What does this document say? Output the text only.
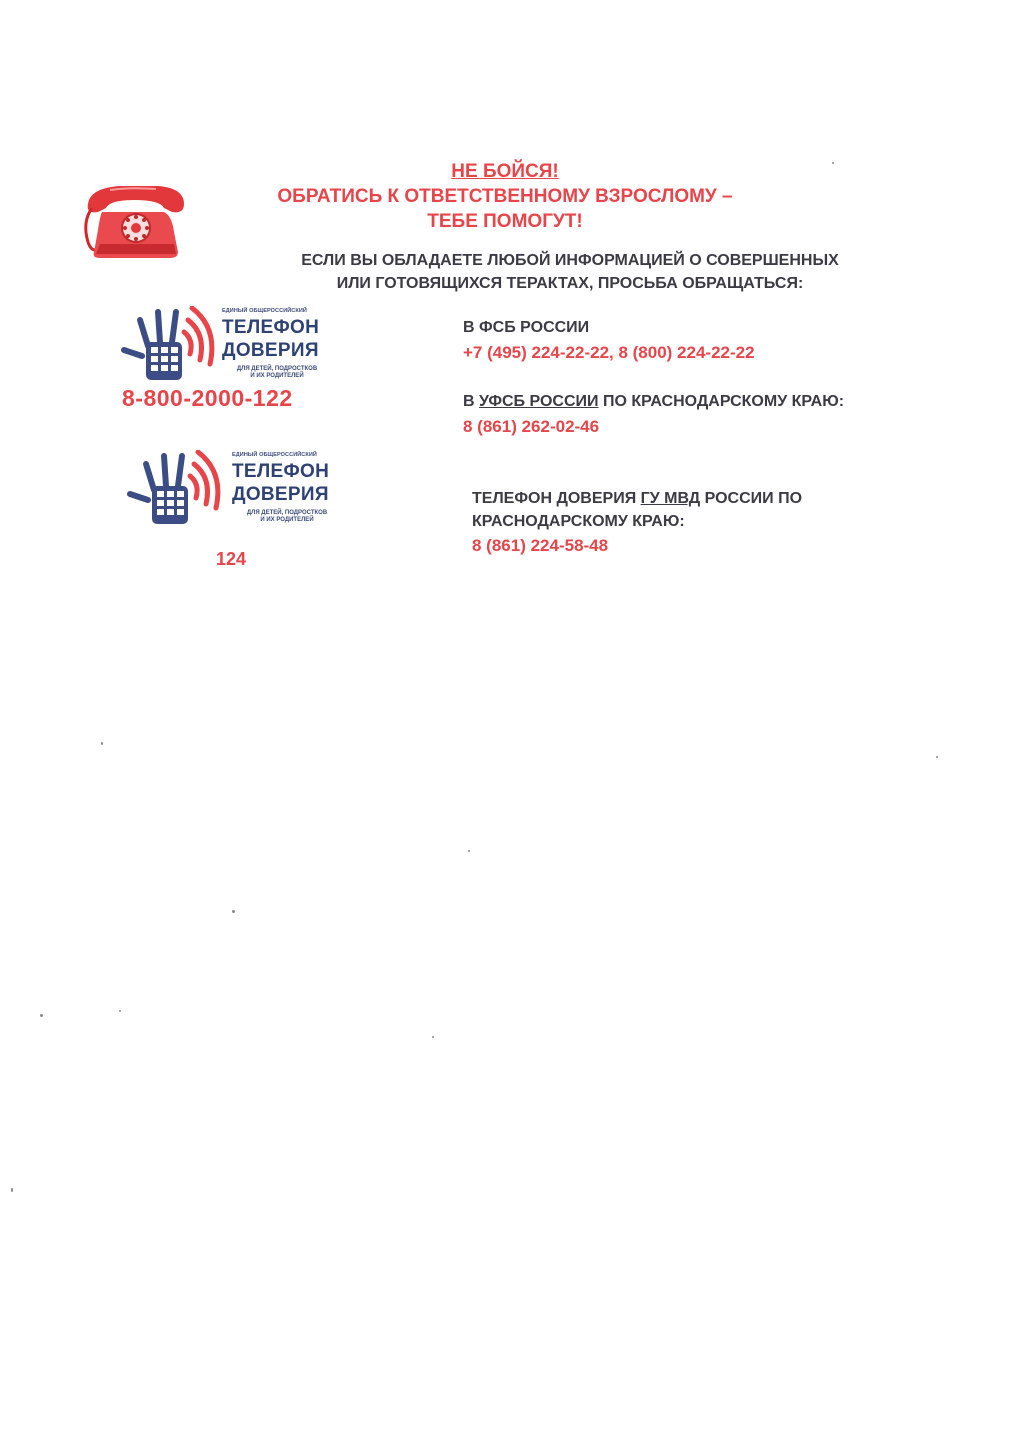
НЕ БОЙСЯ!
ОБРАТИСЬ К ОТВЕТСТВЕННОМУ ВЗРОСЛОМУ –
ТЕБЕ ПОМОГУТ!
ЕСЛИ ВЫ ОБЛАДАЕТЕ ЛЮБОЙ ИНФОРМАЦИЕЙ О СОВЕРШЕННЫХ
ИЛИ ГОТОВЯЩИХСЯ ТЕРАКТАХ, ПРОСЬБА ОБРАЩАТЬСЯ:
ЕДИНЫЙ ОБЩЕРОССИЙСКИЙ
ТЕЛЕФОН
ДОВЕРИЯ
ДЛЯ ДЕТЕЙ, ПОДРОСТКОВ
И ИХ РОДИТЕЛЕЙ
8-800-2000-122
ЕДИНЫЙ ОБЩЕРОССИЙСКИЙ
ТЕЛЕФОН
ДОВЕРИЯ
ДЛЯ ДЕТЕЙ, ПОДРОСТКОВ
И ИХ РОДИТЕЛЕЙ
124
В ФСБ РОССИИ
+7 (495) 224-22-22, 8 (800) 224-22-22
В УФСБ РОССИИ ПО КРАСНОДАРСКОМУ КРАЮ:
8 (861) 262-02-46
ТЕЛЕФОН ДОВЕРИЯ ГУ МВД РОССИИ ПО
КРАСНОДАРСКОМУ КРАЮ:
8 (861) 224-58-48
